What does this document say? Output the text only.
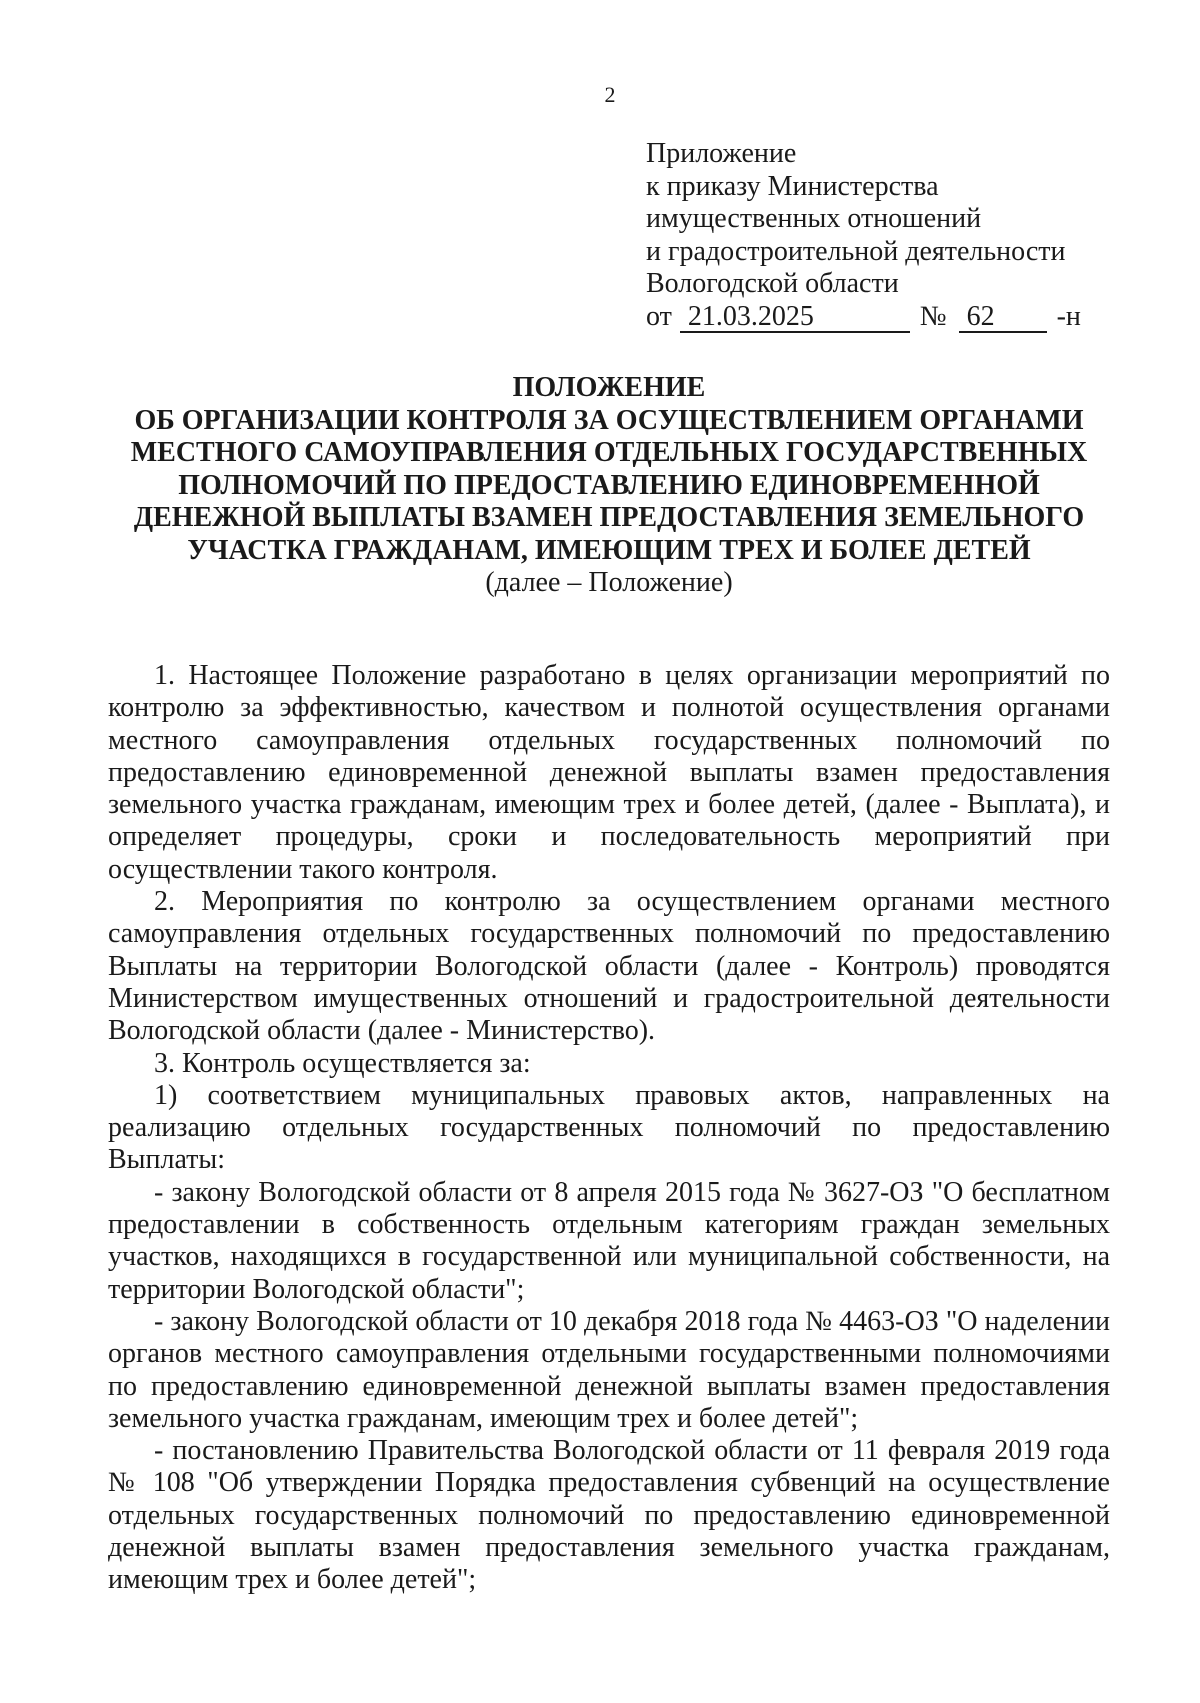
2
Приложение
к приказу Министерства
имущественных отношений
и градостроительной деятельности
Вологодской области
от 21.03.2025	№ 62 -н
ПОЛОЖЕНИЕ
ОБ ОРГАНИЗАЦИИ КОНТРОЛЯ ЗА ОСУЩЕСТВЛЕНИЕМ ОРГАНАМИ
МЕСТНОГО САМОУПРАВЛЕНИЯ ОТДЕЛЬНЫХ ГОСУДАРСТВЕННЫХ
ПОЛНОМОЧИЙ ПО ПРЕДОСТАВЛЕНИЮ ЕДИНОВРЕМЕННОЙ
ДЕНЕЖНОЙ ВЫПЛАТЫ ВЗАМЕН ПРЕДОСТАВЛЕНИЯ ЗЕМЕЛЬНОГО
УЧАСТКА ГРАЖДАНАМ, ИМЕЮЩИМ ТРЕХ И БОЛЕЕ ДЕТЕЙ
(далее – Положение)

1. Настоящее Положение разработано в целях организации мероприятий по контролю за эффективностью, качеством и полнотой осуществления органами местного самоуправления отдельных государственных полномочий по предоставлению единовременной денежной выплаты взамен предоставления земельного участка гражданам, имеющим трех и более детей, (далее - Выплата), и определяет процедуры, сроки и последовательность мероприятий при осуществлении такого контроля.

2. Мероприятия по контролю за осуществлением органами местного самоуправления отдельных государственных полномочий по предоставлению Выплаты на территории Вологодской области (далее - Контроль) проводятся Министерством имущественных отношений и градостроительной деятельности Вологодской области (далее - Министерство).

3. Контроль осуществляется за:

1) соответствием муниципальных правовых актов, направленных на реализацию отдельных государственных полномочий по предоставлению Выплаты:

- закону Вологодской области от 8 апреля 2015 года № 3627-ОЗ "О бесплатном предоставлении в собственность отдельным категориям граждан земельных участков, находящихся в государственной или муниципальной собственности, на территории Вологодской области";

- закону Вологодской области от 10 декабря 2018 года № 4463-ОЗ "О наделении органов местного самоуправления отдельными государственными полномочиями по предоставлению единовременной денежной выплаты взамен предоставления земельного участка гражданам, имеющим трех и более детей";

- постановлению Правительства Вологодской области от 11 февраля 2019 года № 108 "Об утверждении Порядка предоставления субвенций на осуществление отдельных государственных полномочий по предоставлению единовременной денежной выплаты взамен предоставления земельного участка гражданам, имеющим трех и более детей";
